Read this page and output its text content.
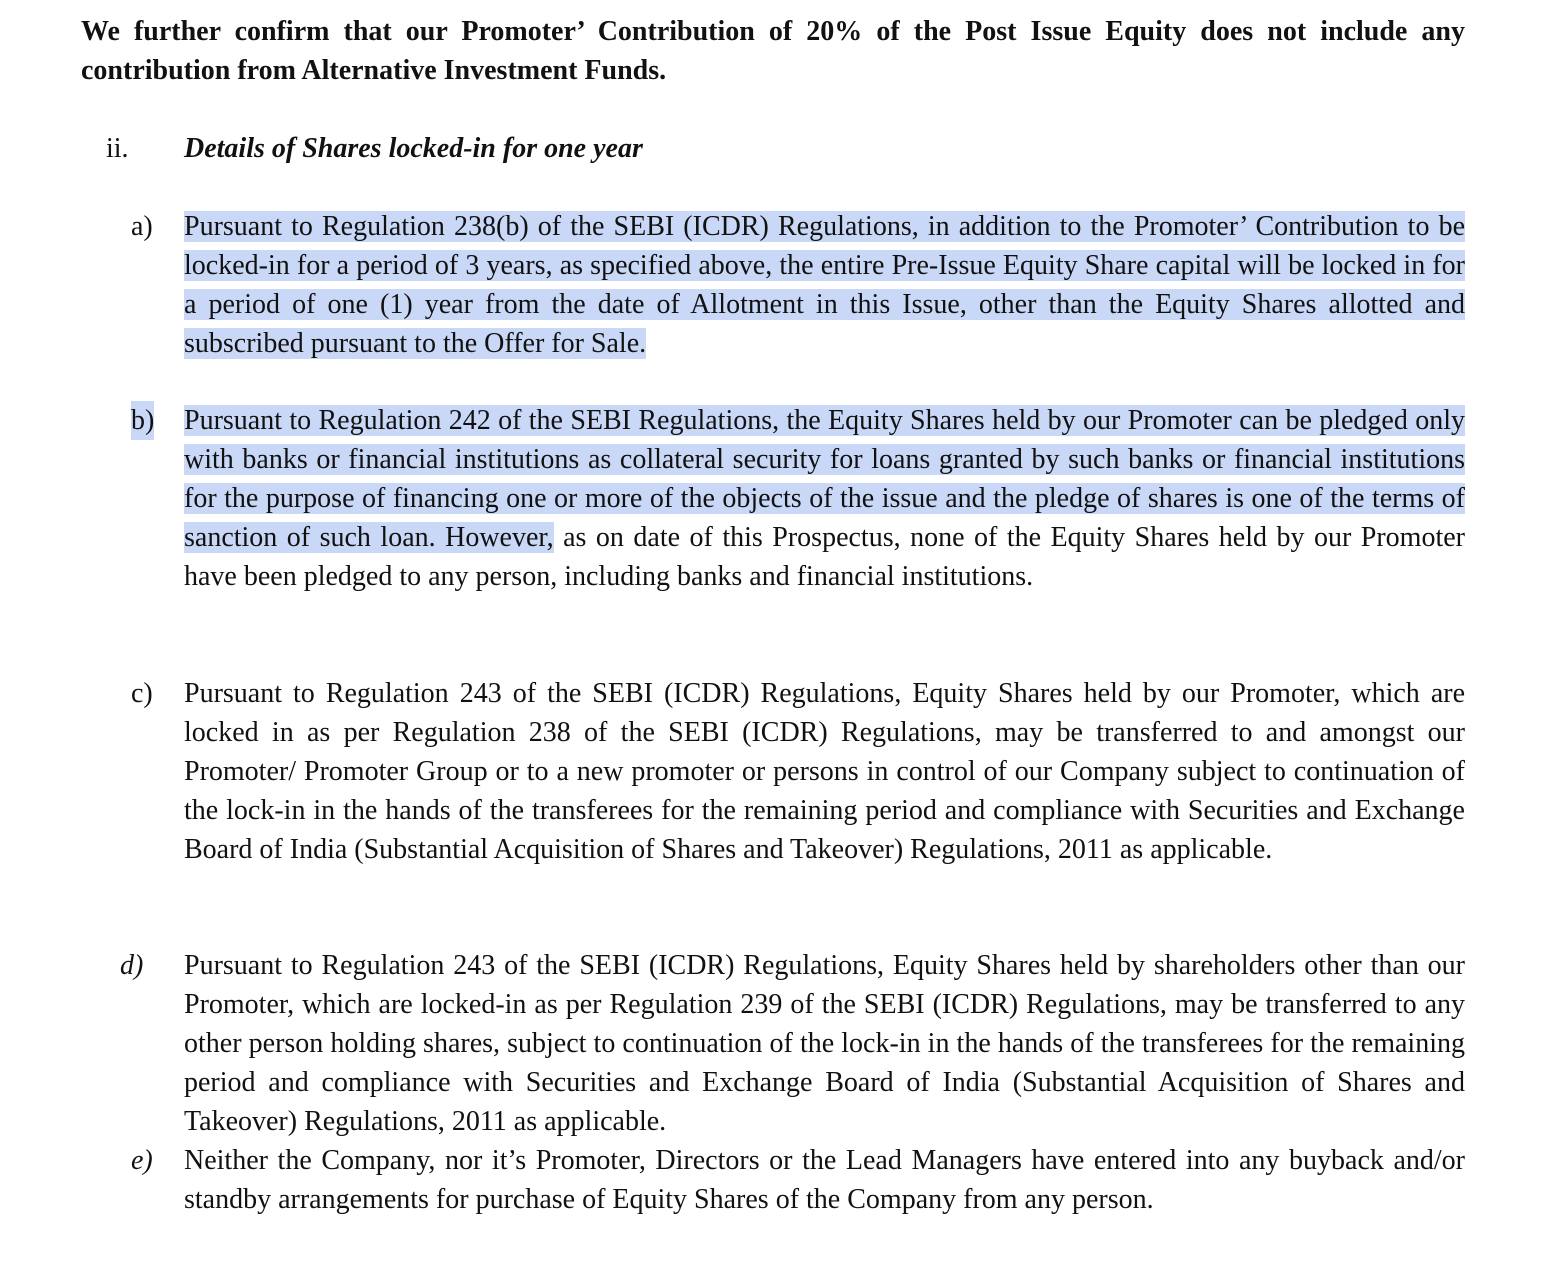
We further confirm that our Promoter’ Contribution of 20% of the Post Issue Equity does not include any contribution from Alternative Investment Funds.
ii. Details of Shares locked-in for one year
a) Pursuant to Regulation 238(b) of the SEBI (ICDR) Regulations, in addition to the Promoter’ Contribution to be locked-in for a period of 3 years, as specified above, the entire Pre-Issue Equity Share capital will be locked in for a period of one (1) year from the date of Allotment in this Issue, other than the Equity Shares allotted and subscribed pursuant to the Offer for Sale.
b) Pursuant to Regulation 242 of the SEBI Regulations, the Equity Shares held by our Promoter can be pledged only with banks or financial institutions as collateral security for loans granted by such banks or financial institutions for the purpose of financing one or more of the objects of the issue and the pledge of shares is one of the terms of sanction of such loan. However, as on date of this Prospectus, none of the Equity Shares held by our Promoter have been pledged to any person, including banks and financial institutions.
c) Pursuant to Regulation 243 of the SEBI (ICDR) Regulations, Equity Shares held by our Promoter, which are locked in as per Regulation 238 of the SEBI (ICDR) Regulations, may be transferred to and amongst our Promoter/ Promoter Group or to a new promoter or persons in control of our Company subject to continuation of the lock-in in the hands of the transferees for the remaining period and compliance with Securities and Exchange Board of India (Substantial Acquisition of Shares and Takeover) Regulations, 2011 as applicable.
d) Pursuant to Regulation 243 of the SEBI (ICDR) Regulations, Equity Shares held by shareholders other than our Promoter, which are locked-in as per Regulation 239 of the SEBI (ICDR) Regulations, may be transferred to any other person holding shares, subject to continuation of the lock-in in the hands of the transferees for the remaining period and compliance with Securities and Exchange Board of India (Substantial Acquisition of Shares and Takeover) Regulations, 2011 as applicable.
e) Neither the Company, nor it’s Promoter, Directors or the Lead Managers have entered into any buyback and/or standby arrangements for purchase of Equity Shares of the Company from any person.
